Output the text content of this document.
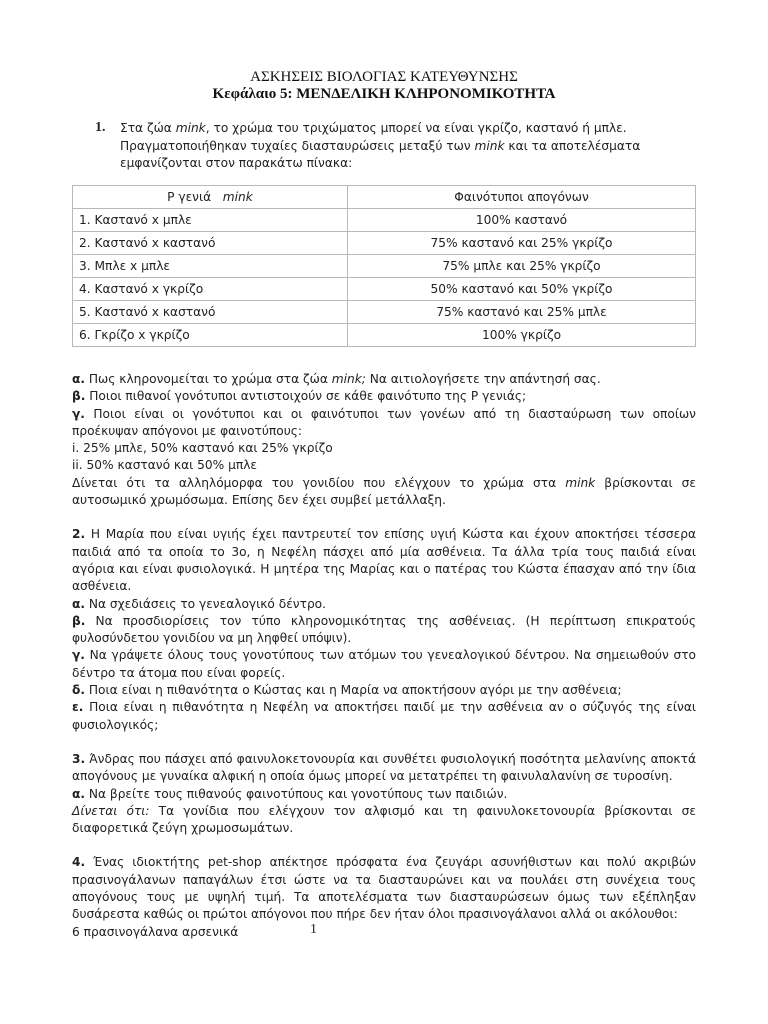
ΑΣΚΗΣΕΙΣ ΒΙΟΛΟΓΙΑΣ ΚΑΤΕΥΘΥΝΣΗΣ
Κεφάλαιο 5: ΜΕΝΔΕΛΙΚΗ ΚΛΗΡΟΝΟΜΙΚΟΤΗΤΑ
1. Στα ζώα mink, το χρώμα του τριχώματος μπορεί να είναι γκρίζο, καστανό ή μπλε. Πραγματοποιήθηκαν τυχαίες διασταυρώσεις μεταξύ των mink και τα αποτελέσματα εμφανίζονται στον παρακάτω πίνακα:
P γενιά mink	Φαινότυποι απογόνων
1. Καστανό x μπλε	100% καστανό
2. Καστανό x καστανό	75% καστανό και 25% γκρίζο
3. Μπλε x μπλε	75% μπλε και 25% γκρίζο
4. Καστανό x γκρίζο	50% καστανό και 50% γκρίζο
5. Καστανό x καστανό	75% καστανό και 25% μπλε
6. Γκρίζο x γκρίζο	100% γκρίζο

α. Πως κληρονομείται το χρώμα στα ζώα mink; Να αιτιολογήσετε την απάντησή σας.

β. Ποιοι πιθανοί γονότυποι αντιστοιχούν σε κάθε φαινότυπο της P γενιάς;

γ. Ποιοι είναι οι γονότυποι και οι φαινότυποι των γονέων από τη διασταύρωση των οποίων προέκυψαν απόγονοι με φαινοτύπους:

i. 25% μπλε, 50% καστανό και 25% γκρίζο

ii. 50% καστανό και 50% μπλε

Δίνεται ότι τα αλληλόμορφα του γονιδίου που ελέγχουν το χρώμα στα mink βρίσκονται σε αυτοσωμικό χρωμόσωμα. Επίσης δεν έχει συμβεί μετάλλαξη.

2. Η Μαρία που είναι υγιής έχει παντρευτεί τον επίσης υγιή Κώστα και έχουν αποκτήσει τέσσερα παιδιά από τα οποία το 3ο, η Νεφέλη πάσχει από μία ασθένεια. Τα άλλα τρία τους παιδιά είναι αγόρια και είναι φυσιολογικά. Η μητέρα της Μαρίας και ο πατέρας του Κώστα έπασχαν από την ίδια ασθένεια.

α. Να σχεδιάσεις το γενεαλογικό δέντρο.

β. Να προσδιορίσεις τον τύπο κληρονομικότητας της ασθένειας. (Η περίπτωση επικρατούς φυλοσύνδετου γονιδίου να μη ληφθεί υπόψιν).

γ. Να γράψετε όλους τους γονοτύπους των ατόμων του γενεαλογικού δέντρου. Να σημειωθούν στο δέντρο τα άτομα που είναι φορείς.

δ. Ποια είναι η πιθανότητα ο Κώστας και η Μαρία να αποκτήσουν αγόρι με την ασθένεια;

ε. Ποια είναι η πιθανότητα η Νεφέλη να αποκτήσει παιδί με την ασθένεια αν ο σύζυγός της είναι φυσιολογικός;

3. Άνδρας που πάσχει από φαινυλοκετονουρία και συνθέτει φυσιολογική ποσότητα μελανίνης αποκτά απογόνους με γυναίκα αλφική η οποία όμως μπορεί να μετατρέπει τη φαινυλαλανίνη σε τυροσίνη.

α. Να βρείτε τους πιθανούς φαινοτύπους και γονοτύπους των παιδιών.

Δίνεται ότι: Τα γονίδια που ελέγχουν τον αλφισμό και τη φαινυλοκετονουρία βρίσκονται σε διαφορετικά ζεύγη χρωμοσωμάτων.

4. Ένας ιδιοκτήτης pet-shop απέκτησε πρόσφατα ένα ζευγάρι ασυνήθιστων και πολύ ακριβών πρασινογάλανων παπαγάλων έτσι ώστε να τα διασταυρώνει και να πουλάει στη συνέχεια τους απογόνους τους με υψηλή τιμή. Τα αποτελέσματα των διασταυρώσεων όμως των εξέπληξαν δυσάρεστα καθώς οι πρώτοι απόγονοι που πήρε δεν ήταν όλοι πρασινογάλανοι αλλά οι ακόλουθοι:

6 πρασινογάλανα αρσενικά	1
